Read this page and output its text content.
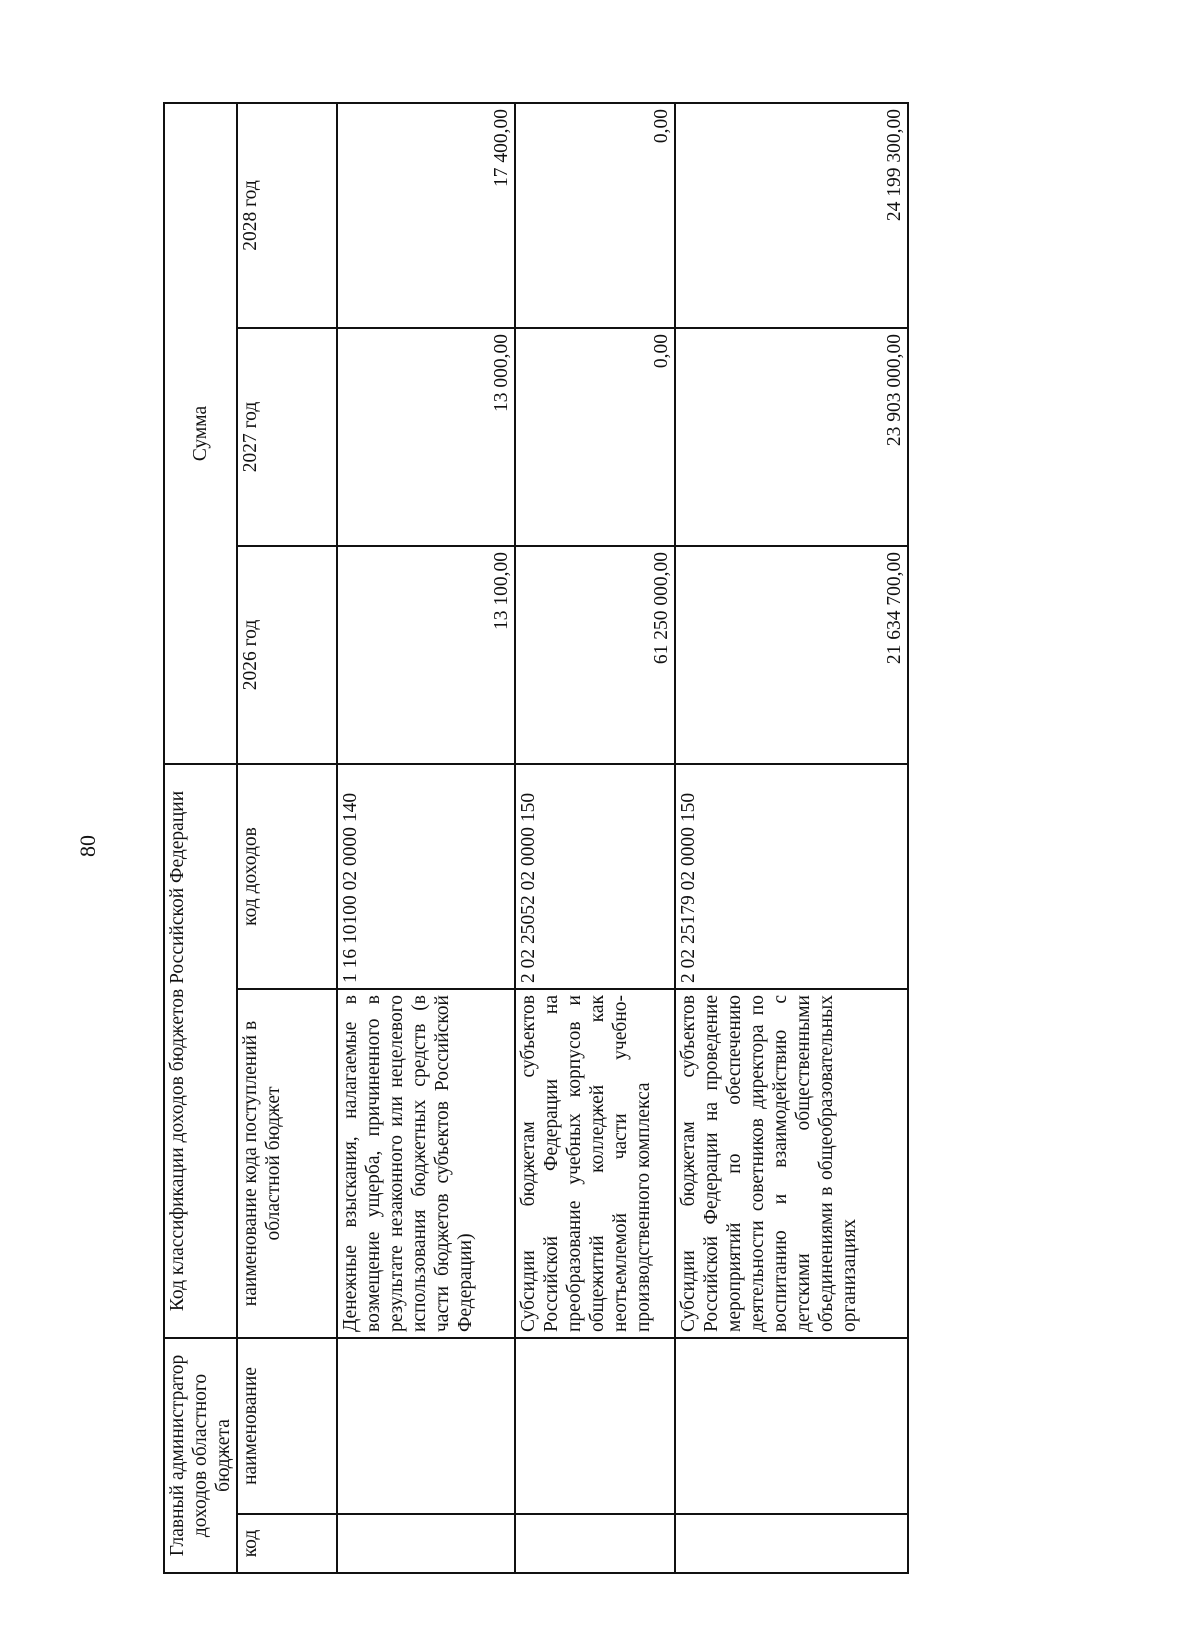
80
Главный администратор доходов областного бюджета		Код классификации доходов бюджетов Российской Федерации		Сумма		
код	наименование	наименование кода поступлений в областной бюджет	код доходов	2026 год	2027 год	2028 год
		Денежные взыскания, налагаемые в возмещение ущерба, причиненного в результате незаконного или нецелевого использования бюджетных средств (в части бюджетов субъектов Российской Федерации)	1 16 10100 02 0000 140	13 100,00	13 000,00	17 400,00
		Субсидии бюджетам субъектов Российской Федерации на преобразование учебных корпусов и общежитий колледжей как неотъемлемой части учебно-производственного комплекса	2 02 25052 02 0000 150	61 250 000,00	0,00	0,00
		Субсидии бюджетам субъектов Российской Федерации на проведение мероприятий по обеспечению деятельности советников директора по воспитанию и взаимодействию с детскими общественными объединениями в общеобразовательных организациях	2 02 25179 02 0000 150	21 634 700,00	23 903 000,00	24 199 300,00
